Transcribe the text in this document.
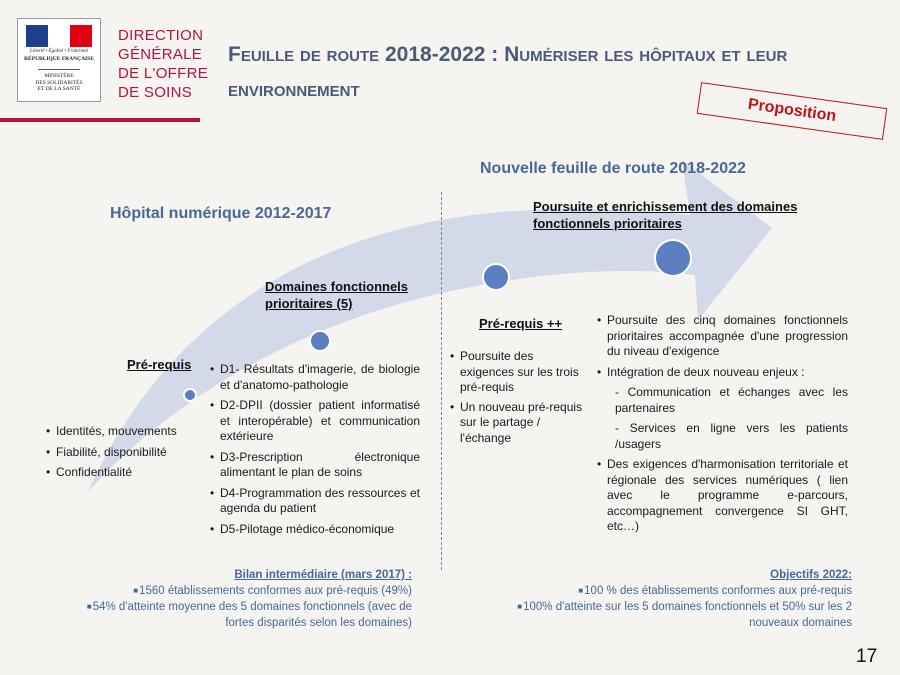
Liberté • Égalité • Fraternité
RÉPUBLIQUE FRANÇAISE
MINISTÈRE
DES SOLIDARITÉS
ET DE LA SANTÉ
DIRECTION
GÉNÉRALE
DE L'OFFRE
DE SOINS
Feuille de route 2018-2022 : Numériser les hôpitaux et leur environnement
Proposition
Hôpital numérique 2012-2017
Nouvelle feuille de route 2018-2022
Pré-requis
Domaines fonctionnels prioritaires (5)
Pré-requis ++
Poursuite et enrichissement des domaines fonctionnels prioritaires
• Identités, mouvements
• Fiabilité, disponibilité
• Confidentialité
• D1- Résultats d'imagerie, de biologie et d'anatomo-pathologie
• D2-DPII (dossier patient informatisé et interopérable) et communication extérieure
• D3-Prescription électronique alimentant le plan de soins
• D4-Programmation des ressources et agenda du patient
• D5-Pilotage médico-économique
• Poursuite des exigences sur les trois pré-requis
• Un nouveau pré-requis sur le partage / l'échange
• Poursuite des cinq domaines fonctionnels prioritaires accompagnée d'une progression du niveau d'exigence
• Intégration de deux nouveau enjeux :
- Communication et échanges avec les partenaires
- Services en ligne vers les patients /usagers
• Des exigences d'harmonisation territoriale et régionale des services numériques ( lien avec le programme e-parcours, accompagnement convergence SI GHT, etc…)
Bilan intermédiaire (mars 2017) :
■1560 établissements conformes aux pré-requis (49%)
■54% d'atteinte moyenne des 5 domaines fonctionnels (avec de fortes disparités selon les domaines)
Objectifs 2022:
■100 % des établissements conformes aux pré-requis
■100% d'atteinte sur les 5 domaines fonctionnels et 50% sur les 2 nouveaux domaines
17
